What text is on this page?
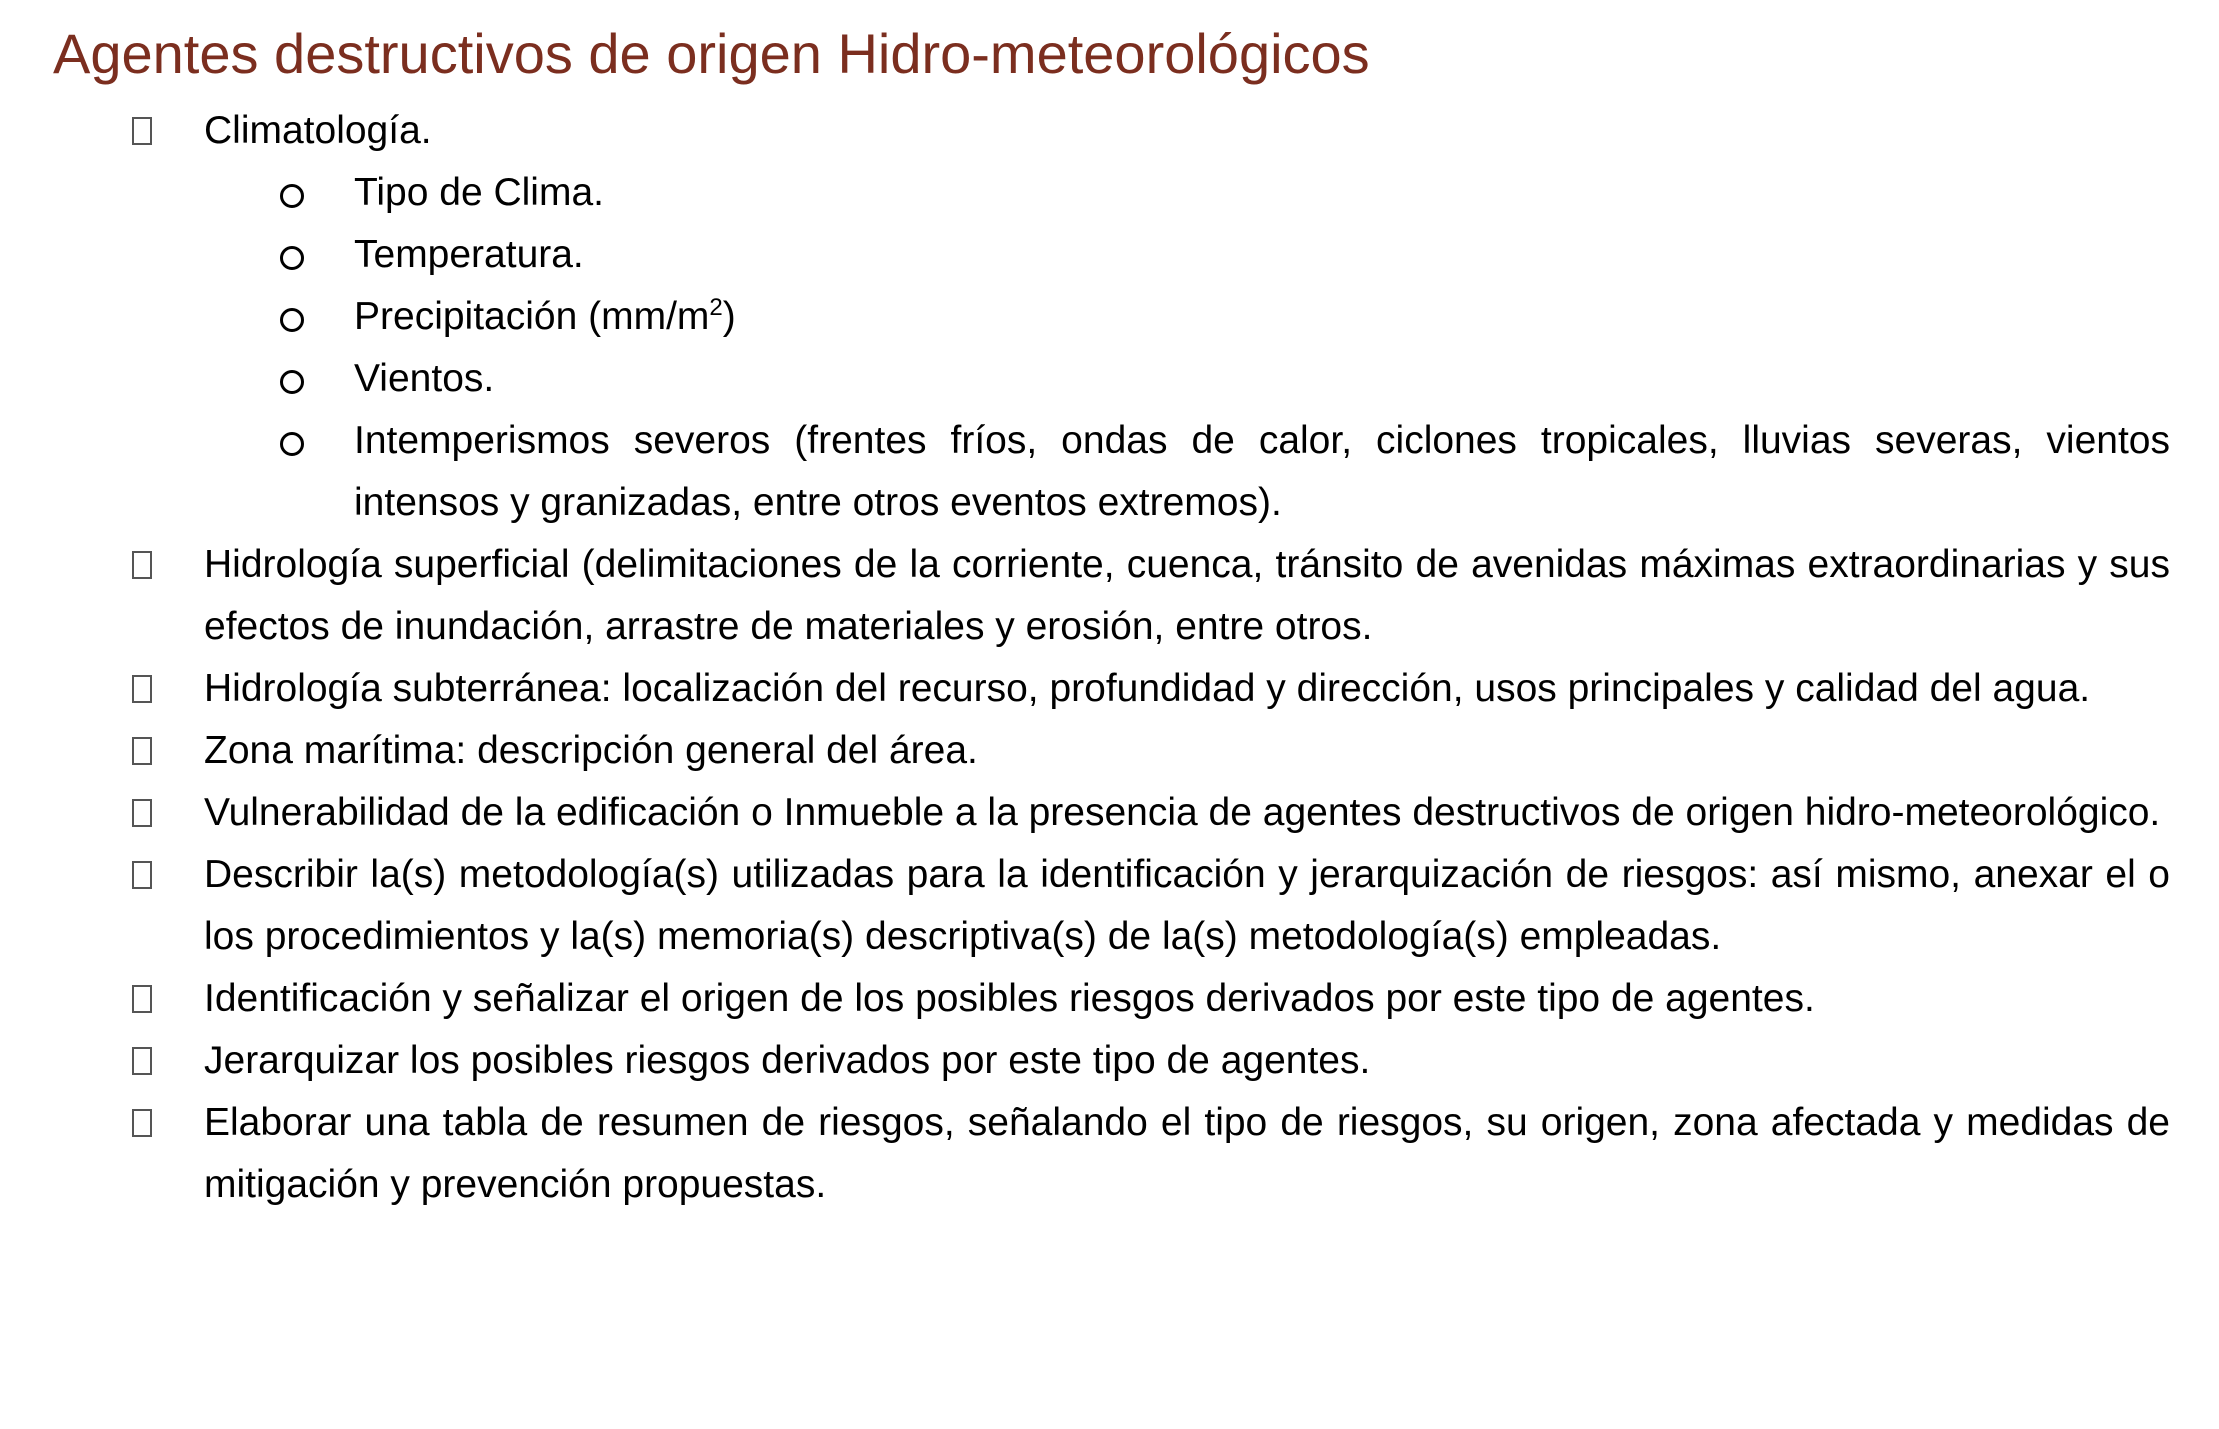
Agentes destructivos de origen Hidro-meteorológicos
Climatología.
Tipo de Clima.
Temperatura.
Precipitación $(mm/m^2)$
Vientos.
Intemperismos severos (frentes fríos, ondas de calor, ciclones tropicales, lluvias severas, vientos intensos y granizadas, entre otros eventos extremos).
Hidrología superficial (delimitaciones de la corriente, cuenca, tránsito de avenidas máximas extraordinarias y sus efectos de inundación, arrastre de materiales y erosión, entre otros.
Hidrología subterránea: localización del recurso, profundidad y dirección, usos principales y calidad del agua.
Zona marítima: descripción general del área.
Vulnerabilidad de la edificación o Inmueble a la presencia de agentes destructivos de origen hidro-meteorológico.
Describir la(s) metodología(s) utilizadas para la identificación y jerarquización de riesgos: así mismo, anexar el o los procedimientos y la(s) memoria(s) descriptiva(s) de la(s) metodología(s) empleadas.
Identificación y señalizar el origen de los posibles riesgos derivados por este tipo de agentes.
Jerarquizar los posibles riesgos derivados por este tipo de agentes.
Elaborar una tabla de resumen de riesgos, señalando el tipo de riesgos, su origen, zona afectada y medidas de mitigación y prevención propuestas.
